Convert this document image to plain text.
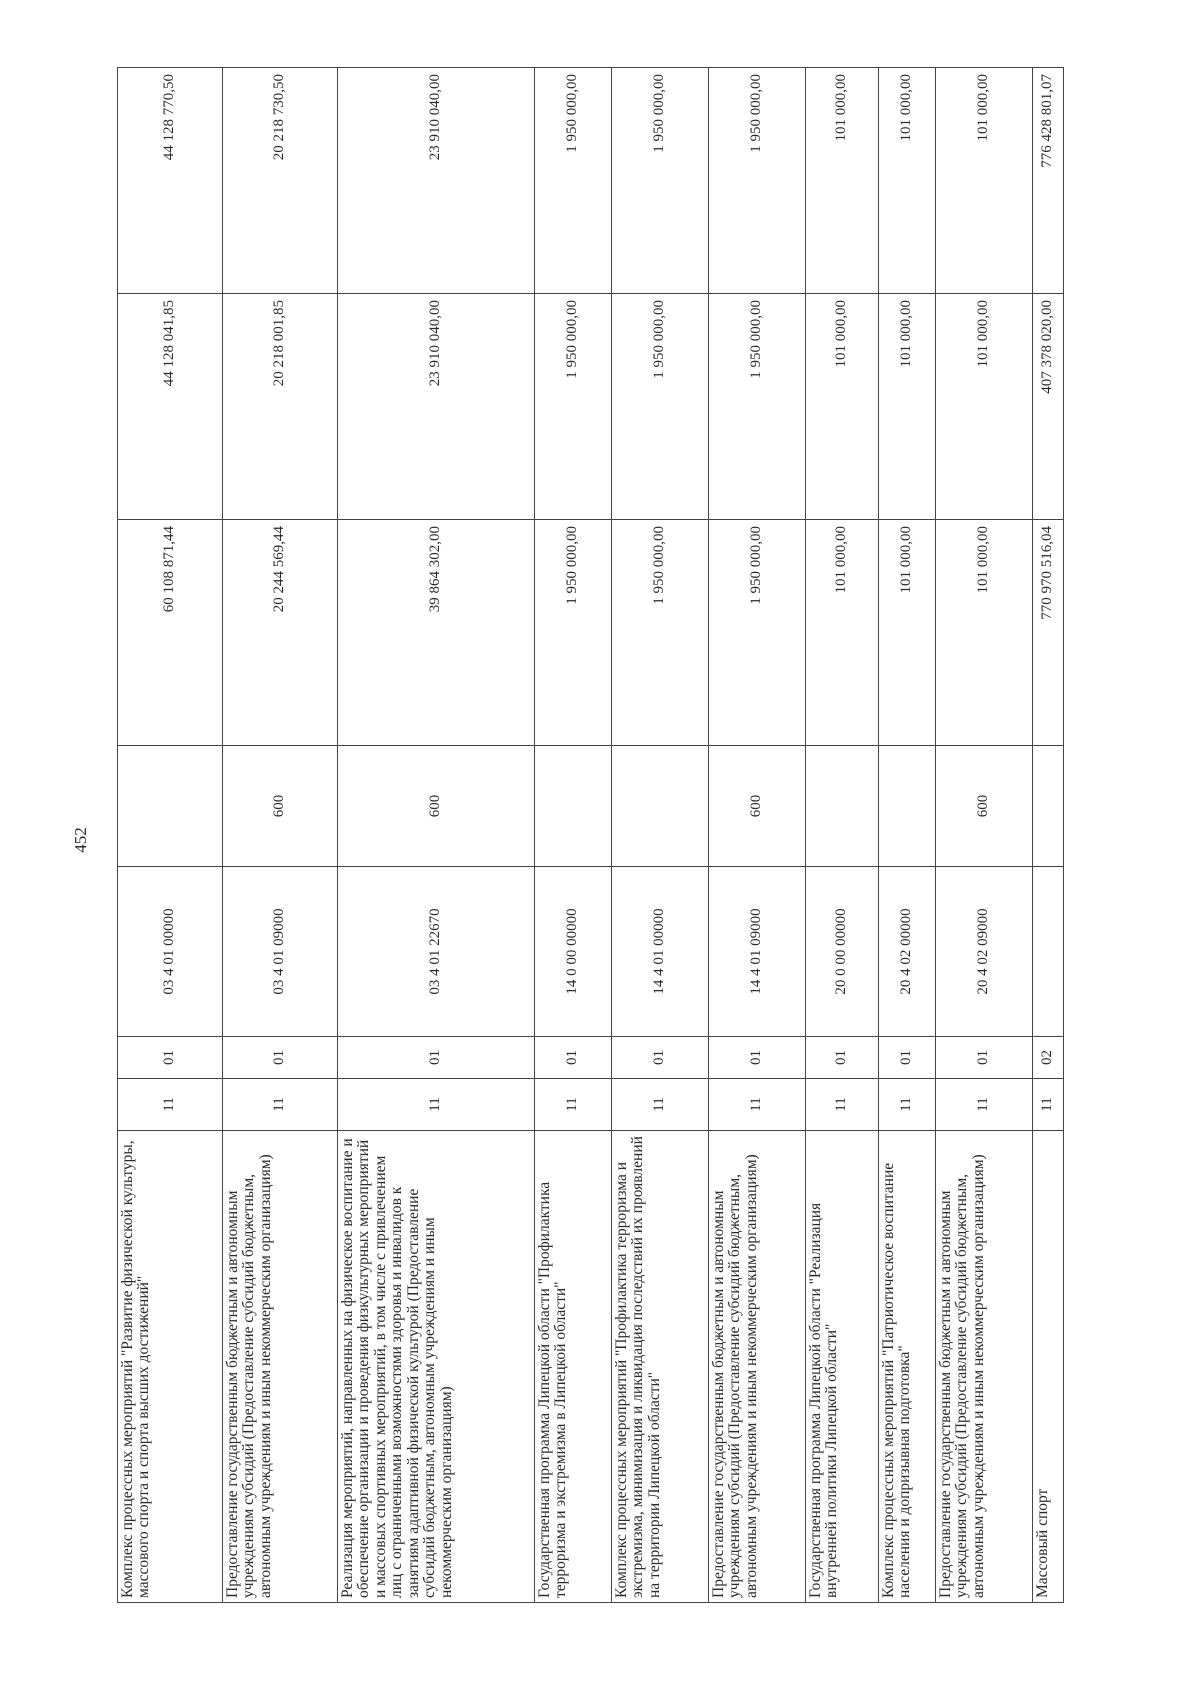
452
Комплекс процессных мероприятий "Развитие физической культуры, массового спорта и спорта высших достижений"	11	01	03 4 01 00000		60 108 871,44	44 128 041,85	44 128 770,50
Предоставление государственным бюджетным и автономным учреждениям субсидий (Предоставление субсидий бюджетным, автономным учреждениям и иным некоммерческим организациям)	11	01	03 4 01 09000	600	20 244 569,44	20 218 001,85	20 218 730,50
Реализация мероприятий, направленных на физическое воспитание и обеспечение организации и проведения физкультурных мероприятий и массовых спортивных мероприятий, в том числе с привлечением лиц с ограниченными возможностями здоровья и инвалидов к занятиям адаптивной физической культурой (Предоставление субсидий бюджетным, автономным учреждениям и иным некоммерческим организациям)	11	01	03 4 01 22670	600	39 864 302,00	23 910 040,00	23 910 040,00
Государственная программа Липецкой области "Профилактика терроризма и экстремизма в Липецкой области"	11	01	14 0 00 00000		1 950 000,00	1 950 000,00	1 950 000,00
Комплекс процессных мероприятий "Профилактика терроризма и экстремизма, минимизация и ликвидация последствий их проявлений на территории Липецкой области"	11	01	14 4 01 00000		1 950 000,00	1 950 000,00	1 950 000,00
Предоставление государственным бюджетным и автономным учреждениям субсидий (Предоставление субсидий бюджетным, автономным учреждениям и иным некоммерческим организациям)	11	01	14 4 01 09000	600	1 950 000,00	1 950 000,00	1 950 000,00
Государственная программа Липецкой области "Реализация внутренней политики Липецкой области"	11	01	20 0 00 00000		101 000,00	101 000,00	101 000,00
Комплекс процессных мероприятий "Патриотическое воспитание населения и допризывная подготовка"	11	01	20 4 02 00000		101 000,00	101 000,00	101 000,00
Предоставление государственным бюджетным и автономным учреждениям субсидий (Предоставление субсидий бюджетным, автономным учреждениям и иным некоммерческим организациям)	11	01	20 4 02 09000	600	101 000,00	101 000,00	101 000,00
Массовый спорт	11	02			770 970 516,04	407 378 020,00	776 428 801,07
